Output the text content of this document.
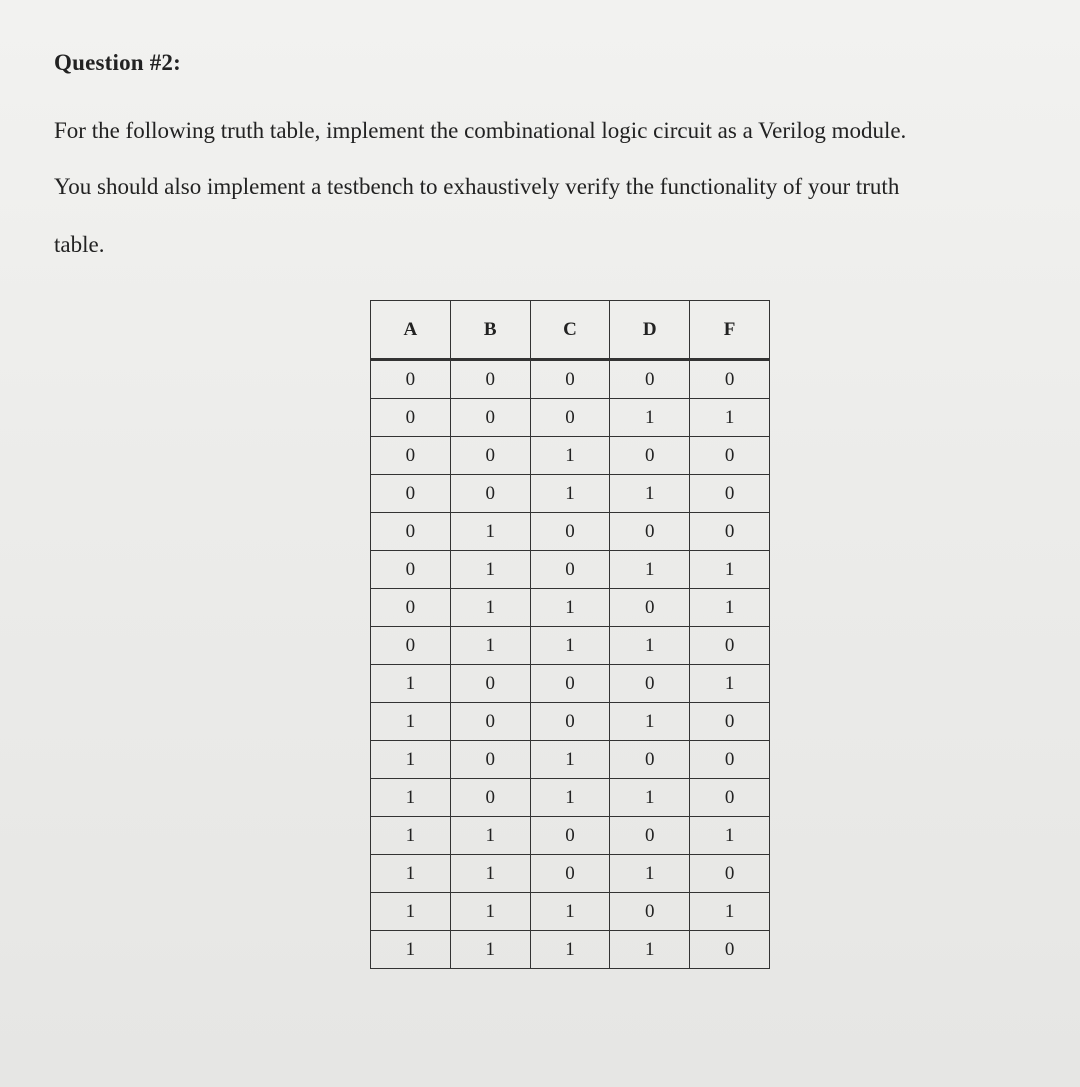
Question #2:
For the following truth table, implement the combinational logic circuit as a Verilog module.
You should also implement a testbench to exhaustively verify the functionality of your truth
table.
A	B	C	D	F
0	0	0	0	0
0	0	0	1	1
0	0	1	0	0
0	0	1	1	0
0	1	0	0	0
0	1	0	1	1
0	1	1	0	1
0	1	1	1	0
1	0	0	0	1
1	0	0	1	0
1	0	1	0	0
1	0	1	1	0
1	1	0	0	1
1	1	0	1	0
1	1	1	0	1
1	1	1	1	0
